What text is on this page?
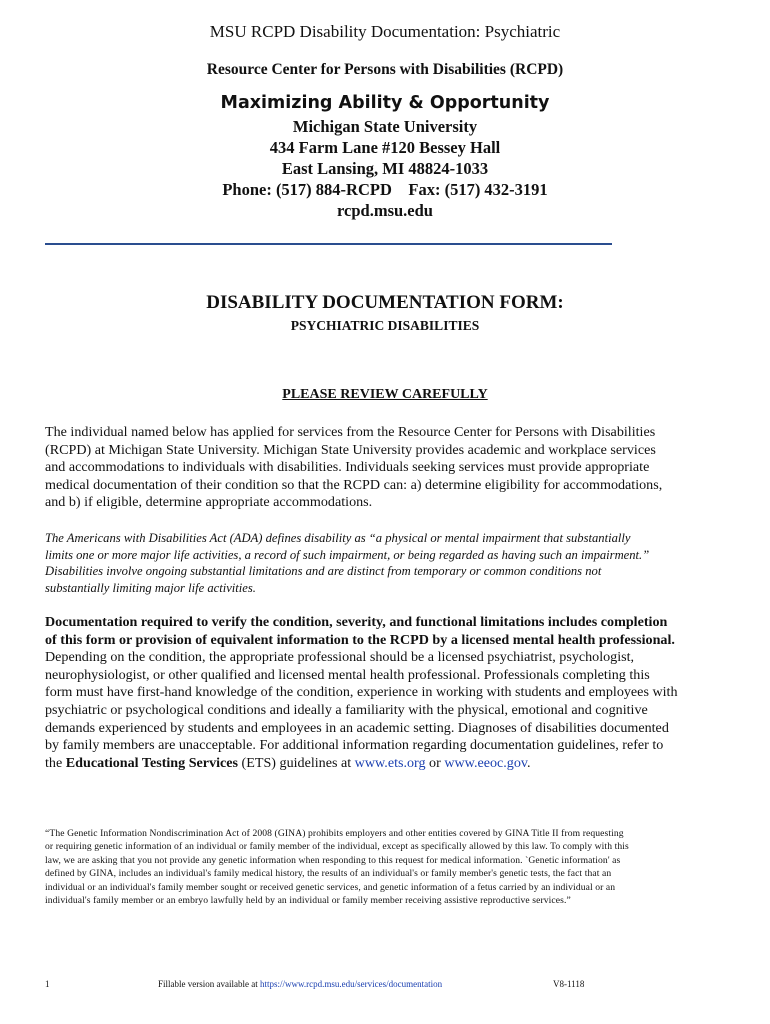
MSU RCPD Disability Documentation: Psychiatric
Resource Center for Persons with Disabilities (RCPD)
Maximizing Ability & Opportunity
Michigan State University
434 Farm Lane #120 Bessey Hall
East Lansing, MI 48824-1033
Phone: (517) 884-RCPD    Fax: (517) 432-3191
rcpd.msu.edu
DISABILITY DOCUMENTATION FORM:
PSYCHIATRIC DISABILITIES
PLEASE REVIEW CAREFULLY
The individual named below has applied for services from the Resource Center for Persons with Disabilities
(RCPD) at Michigan State University. Michigan State University provides academic and workplace services
and accommodations to individuals with disabilities. Individuals seeking services must provide appropriate
medical documentation of their condition so that the RCPD can: a) determine eligibility for accommodations,
and b) if eligible, determine appropriate accommodations.
The Americans with Disabilities Act (ADA) defines disability as “a physical or mental impairment that substantially
limits one or more major life activities, a record of such impairment, or being regarded as having such an impairment.”
Disabilities involve ongoing substantial limitations and are distinct from temporary or common conditions not
substantially limiting major life activities.
Documentation required to verify the condition, severity, and functional limitations includes completion
of this form or provision of equivalent information to the RCPD by a licensed mental health professional.
Depending on the condition, the appropriate professional should be a licensed psychiatrist, psychologist,
neurophysiologist, or other qualified and licensed mental health professional. Professionals completing this
form must have first-hand knowledge of the condition, experience in working with students and employees with
psychiatric or psychological conditions and ideally a familiarity with the physical, emotional and cognitive
demands experienced by students and employees in an academic setting. Diagnoses of disabilities documented
by family members are unacceptable. For additional information regarding documentation guidelines, refer to
the Educational Testing Services (ETS) guidelines at www.ets.org or www.eeoc.gov.
“The Genetic Information Nondiscrimination Act of 2008 (GINA) prohibits employers and other entities covered by GINA Title II from requesting
or requiring genetic information of an individual or family member of the individual, except as specifically allowed by this law. To comply with this
law, we are asking that you not provide any genetic information when responding to this request for medical information. `Genetic information' as
defined by GINA, includes an individual's family medical history, the results of an individual's or family member's genetic tests, the fact that an
individual or an individual's family member sought or received genetic services, and genetic information of a fetus carried by an individual or an
individual's family member or an embryo lawfully held by an individual or family member receiving assistive reproductive services.”
1	Fillable version available at https://www.rcpd.msu.edu/services/documentation	V8-1118
